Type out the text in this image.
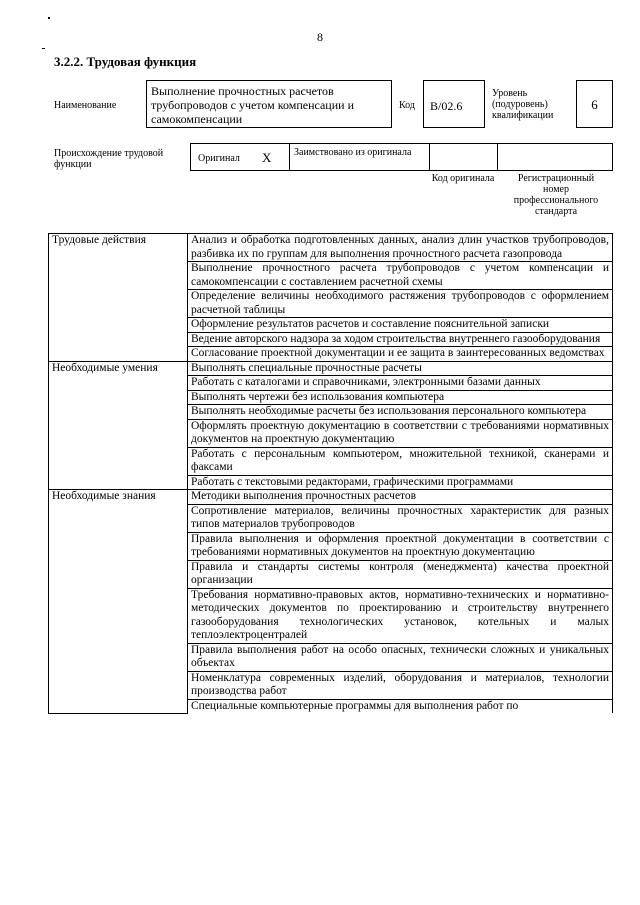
8
3.2.2. Трудовая функция
Наименование
Выполнение прочностных расчетов трубопроводов с учетом компенсации и самокомпенсации
Код	B/02.6
Уровень (подуровень) квалификации
6
Происхождение трудовой функции
Оригинал X Заимствовано из оригинала
Код оригинала	Регистрационный номер профессионального стандарта
Трудовые действия	Анализ и обработка подготовленных данных, анализ длин участков трубопроводов, разбивка их по группам для выполнения прочностного расчета газопровода
	Выполнение прочностного расчета трубопроводов с учетом компенсации и самокомпенсации с составлением расчетной схемы
	Определение величины необходимого растяжения трубопроводов с оформлением расчетной таблицы
	Оформление результатов расчетов и составление пояснительной записки
	Ведение авторского надзора за ходом строительства внутреннего газооборудования
	Согласование проектной документации и ее защита в заинтересованных ведомствах
Необходимые умения	Выполнять специальные прочностные расчеты
	Работать с каталогами и справочниками, электронными базами данных
	Выполнять чертежи без использования компьютера
	Выполнять необходимые расчеты без использования персонального компьютера
	Оформлять проектную документацию в соответствии с требованиями нормативных документов на проектную документацию
	Работать с персональным компьютером, множительной техникой, сканерами и факсами
	Работать с текстовыми редакторами, графическими программами
Необходимые знания	Методики выполнения прочностных расчетов
	Сопротивление материалов, величины прочностных характеристик для разных типов материалов трубопроводов
	Правила выполнения и оформления проектной документации в соответствии с требованиями нормативных документов на проектную документацию
	Правила и стандарты системы контроля (менеджмента) качества проектной организации
	Требования нормативно-правовых актов, нормативно-технических и нормативно-методических документов по проектированию и строительству внутреннего газооборудования технологических установок, котельных и малых теплоэлектроцентралей
	Правила выполнения работ на особо опасных, технически сложных и уникальных объектах
	Номенклатура современных изделий, оборудования и материалов, технологии производства работ
	Специальные компьютерные программы для выполнения работ по
